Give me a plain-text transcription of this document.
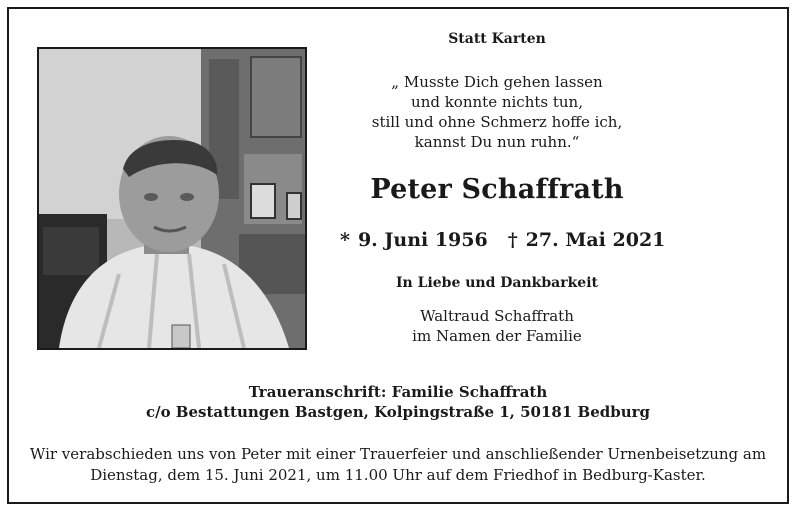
Statt Karten
„ Musste Dich gehen lassen
und konnte nichts tun,
still und ohne Schmerz hoffe ich,
kannst Du nun ruhn.“
Peter Schaffrath
* 9. Juni 1956 † 27. Mai 2021
In Liebe und Dankbarkeit
Waltraud Schaffrath
im Namen der Familie
Traueranschrift: Familie Schaffrath
c/o Bestattungen Bastgen, Kolpingstraße 1, 50181 Bedburg
Wir verabschieden uns von Peter mit einer Trauerfeier und anschließender Urnenbeisetzung am
Dienstag, dem 15. Juni 2021, um 11.00 Uhr auf dem Friedhof in Bedburg-Kaster.
